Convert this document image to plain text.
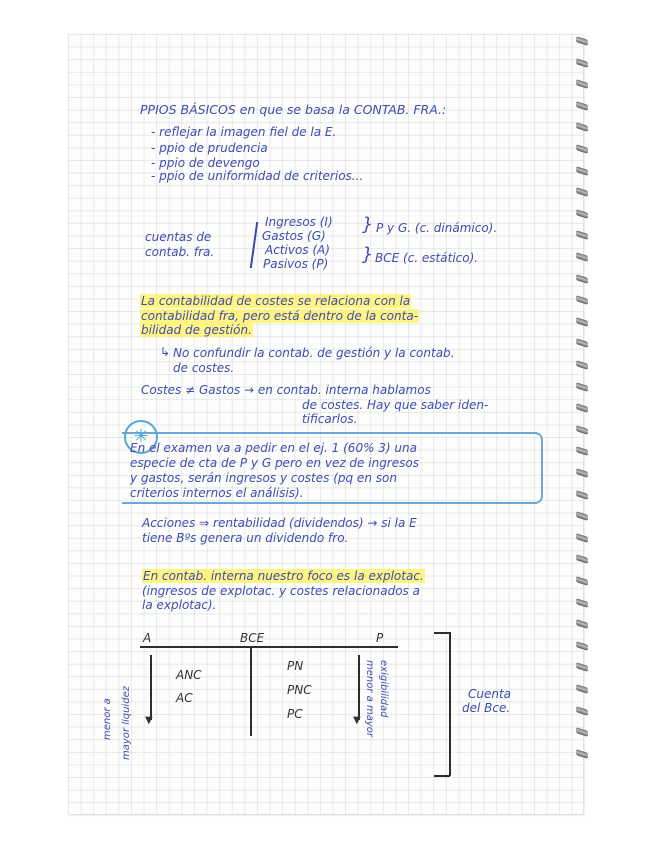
PPIOS BÁSICOS en que se basa la CONTAB. FRA.:
- reflejar la imagen fiel de la E.
- ppio de prudencia
- ppio de devengo
- ppio de uniformidad de criterios...
cuentas de
contab. fra.
Ingresos (I)
Gastos (G)
Activos (A)
Pasivos (P)
} P y G. (c. dinámico).
} BCE (c. estático).
La contabilidad de costes se relaciona con la
contabilidad fra, pero está dentro de la conta-
bilidad de gestión.
↳ No confundir la contab. de gestión y la contab.
de costes.
Costes ≠ Gastos → en contab. interna hablamos
de costes. Hay que saber iden-
tificarlos.
✳
En el examen va a pedir en el ej. 1 (60% 3) una
especie de cta de P y G pero en vez de ingresos
y gastos, serán ingresos y costes (pq en son
criterios internos el análisis).
Acciones ⇒ rentabilidad (dividendos) → si la E
tiene Bºs genera un dividendo fro.
En contab. interna nuestro foco es la explotac.
(ingresos de explotac. y costes relacionados a
la explotac).
A	BCE	P
ANC
AC
PN
PNC
PC
▼
menor a mayor liquidez	▼ menor a mayor exigibilidad	Cuenta
del Bce.
